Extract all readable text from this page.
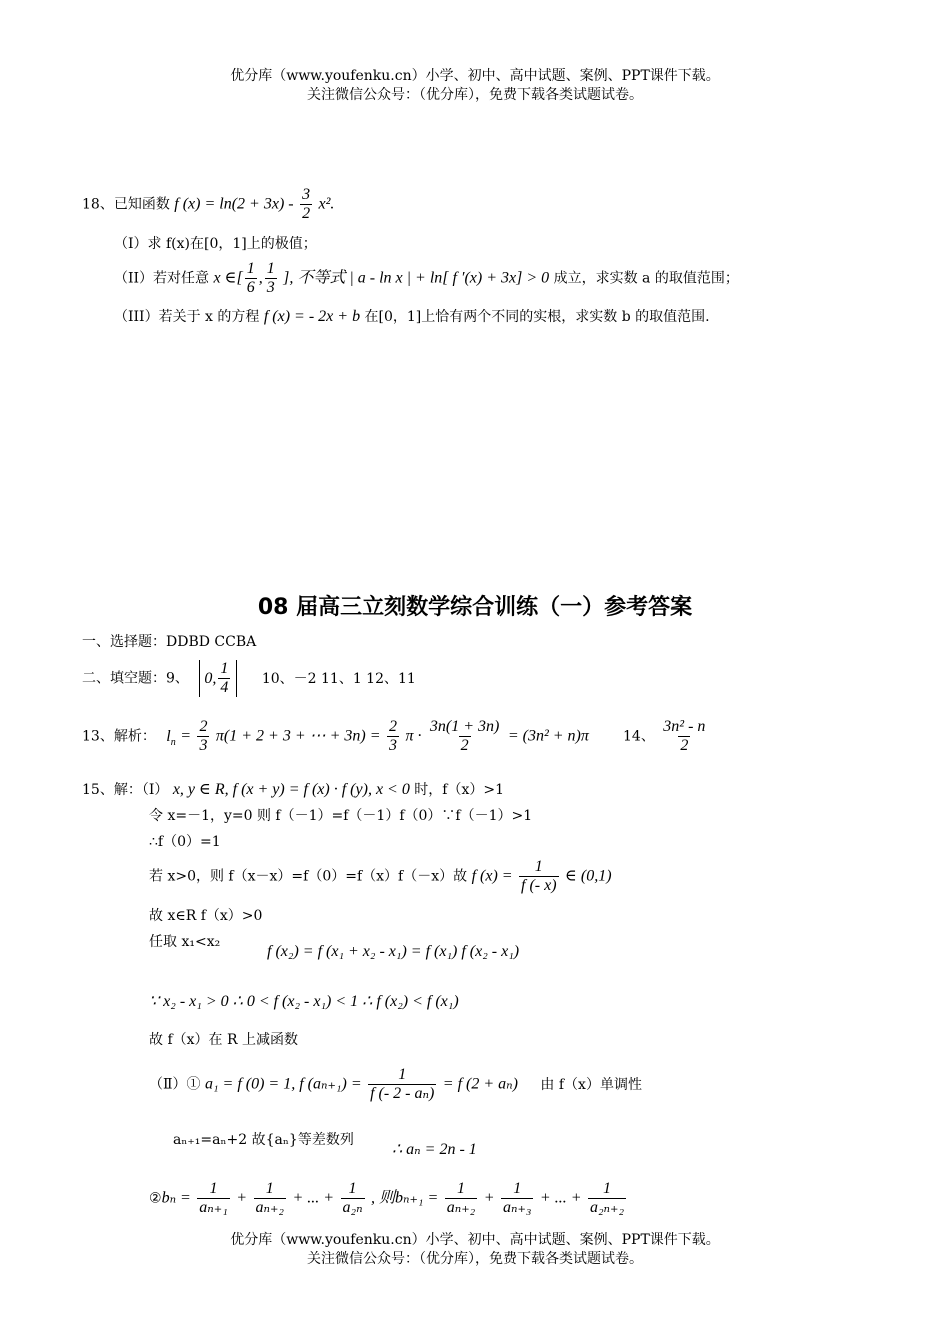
优分库（www.youfenku.cn）小学、初中、高中试题、案例、PPT课件下载。
关注微信公众号：（优分库），免费下载各类试题试卷。
18、已知函数 f $(x) = \ln(2 + 3x) - \frac{3}{2} x^2$.
（I）求 f(x)在[0，1]上的极值；
（II）若对任意 x ∈[ $\frac{1}{6}$ , $\frac{1}{3}$ ], 不等式 | a - ln x | + ln[ f ′(x) + 3x] > 0 成立，求实数 a 的取值范围；
（III）若关于 x 的方程 f (x) = - 2x + b 在[0，1]上恰有两个不同的实根，求实数 b 的取值范围.
08 届高三立刻数学综合训练（一）参考答案
一、选择题：DDBD CCBA
二、填空题：9、 0, $\frac{1}{4} 10$、－2 11、1 12、11
13、解析： $l_n = \frac{2}{3} \pi(1 + 2 + 3$ + ⋯ + $3n) = \frac{2}{3}$ $\pi \cdot \frac{3n(1 + 3n)}{2} = (3n^2 + n)\pi$ 14、 $\frac{\text{3n² - n}}{2}$
15、解：（Ⅰ） x, y ∈ R, f (x + y) = f (x) · f (y), x < 0 时，f（x）>1
令 x=－1，y=0 则 f（－1）=f（－1）f（0）∵f（－1）>1
∴f（0）=1
若 x>0，则 f（x－x）=f（0）=f（x）f（－x）故 f $(x) = \frac{1}{f (- x)}$ ∈ (0,1)
故 x∈R f（x）>0
任取 x₁<x₂
f (x₂) = f (x₁ + x₂ - x₁) = f (x₁) f (x₂ - x₁)
∵ x₂ - x₁ > 0 ∴ 0 < f (x₂ - x₁) < 1 ∴ f (x₂) < f (x₁)
故 f（x）在 R 上减函数
（Ⅱ）① a₁ = f (0) = 1, f $(a_{n+1}) = \frac{1}{\text{f (- 2 - aₙ)}} = f$ (2 + aₙ) 由 f（x）单调性
aₙ₊₁=aₙ+2 故{aₙ}等差数列
∴ aₙ = 2n - 1
②bₙ = $\frac{1}{\text{aₙ₊₁}} + \frac{1}{\text{aₙ₊₂}}$ + ... + $\frac{1}{\text{a₂ₙ}}$ , 则$b_{n+1} = \frac{1}{\text{aₙ₊₂}} + \frac{1}{\text{aₙ₊₃}}$ + ... + $\frac{1}{\text{a₂ₙ₊₂}}$
优分库（www.youfenku.cn）小学、初中、高中试题、案例、PPT课件下载。
关注微信公众号：（优分库），免费下载各类试题试卷。
